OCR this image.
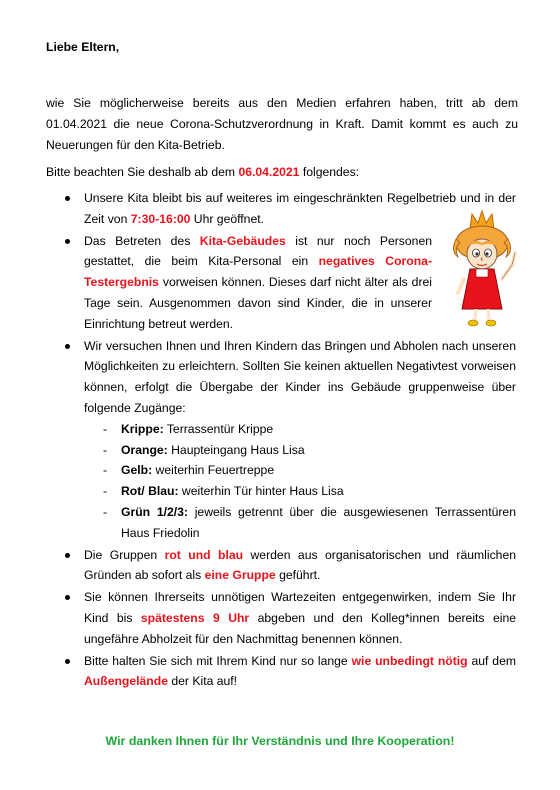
Liebe Eltern,
wie Sie möglicherweise bereits aus den Medien erfahren haben, tritt ab dem 01.04.2021 die neue Corona-Schutzverordnung in Kraft. Damit kommt es auch zu Neuerungen für den Kita-Betrieb.
Bitte beachten Sie deshalb ab dem 06.04.2021 folgendes:
Unsere Kita bleibt bis auf weiteres im eingeschränkten Regelbetrieb und in der Zeit von 7:30-16:00 Uhr geöffnet.
Das Betreten des Kita-Gebäudes ist nur noch Personen gestattet, die beim Kita-Personal ein negatives Corona-Testergebnis vorweisen können. Dieses darf nicht älter als drei Tage sein. Ausgenommen davon sind Kinder, die in unserer Einrichtung betreut werden.
Wir versuchen Ihnen und Ihren Kindern das Bringen und Abholen nach unseren Möglichkeiten zu erleichtern. Sollten Sie keinen aktuellen Negativtest vorweisen können, erfolgt die Übergabe der Kinder ins Gebäude gruppenweise über folgende Zugänge:
- Krippe: Terrassentür Krippe
- Orange: Haupteingang Haus Lisa
- Gelb: weiterhin Feuertreppe
- Rot/ Blau: weiterhin Tür hinter Haus Lisa
- Grün 1/2/3: jeweils getrennt über die ausgewiesenen Terrassentüren Haus Friedolin
Die Gruppen rot und blau werden aus organisatorischen und räumlichen Gründen ab sofort als eine Gruppe geführt.
Sie können Ihrerseits unnötigen Wartezeiten entgegenwirken, indem Sie Ihr Kind bis spätestens 9 Uhr abgeben und den Kolleg*innen bereits eine ungefähre Abholzeit für den Nachmittag benennen können.
Bitte halten Sie sich mit Ihrem Kind nur so lange wie unbedingt nötig auf dem Außengelände der Kita auf!
Wir danken Ihnen für Ihr Verständnis und Ihre Kooperation!
